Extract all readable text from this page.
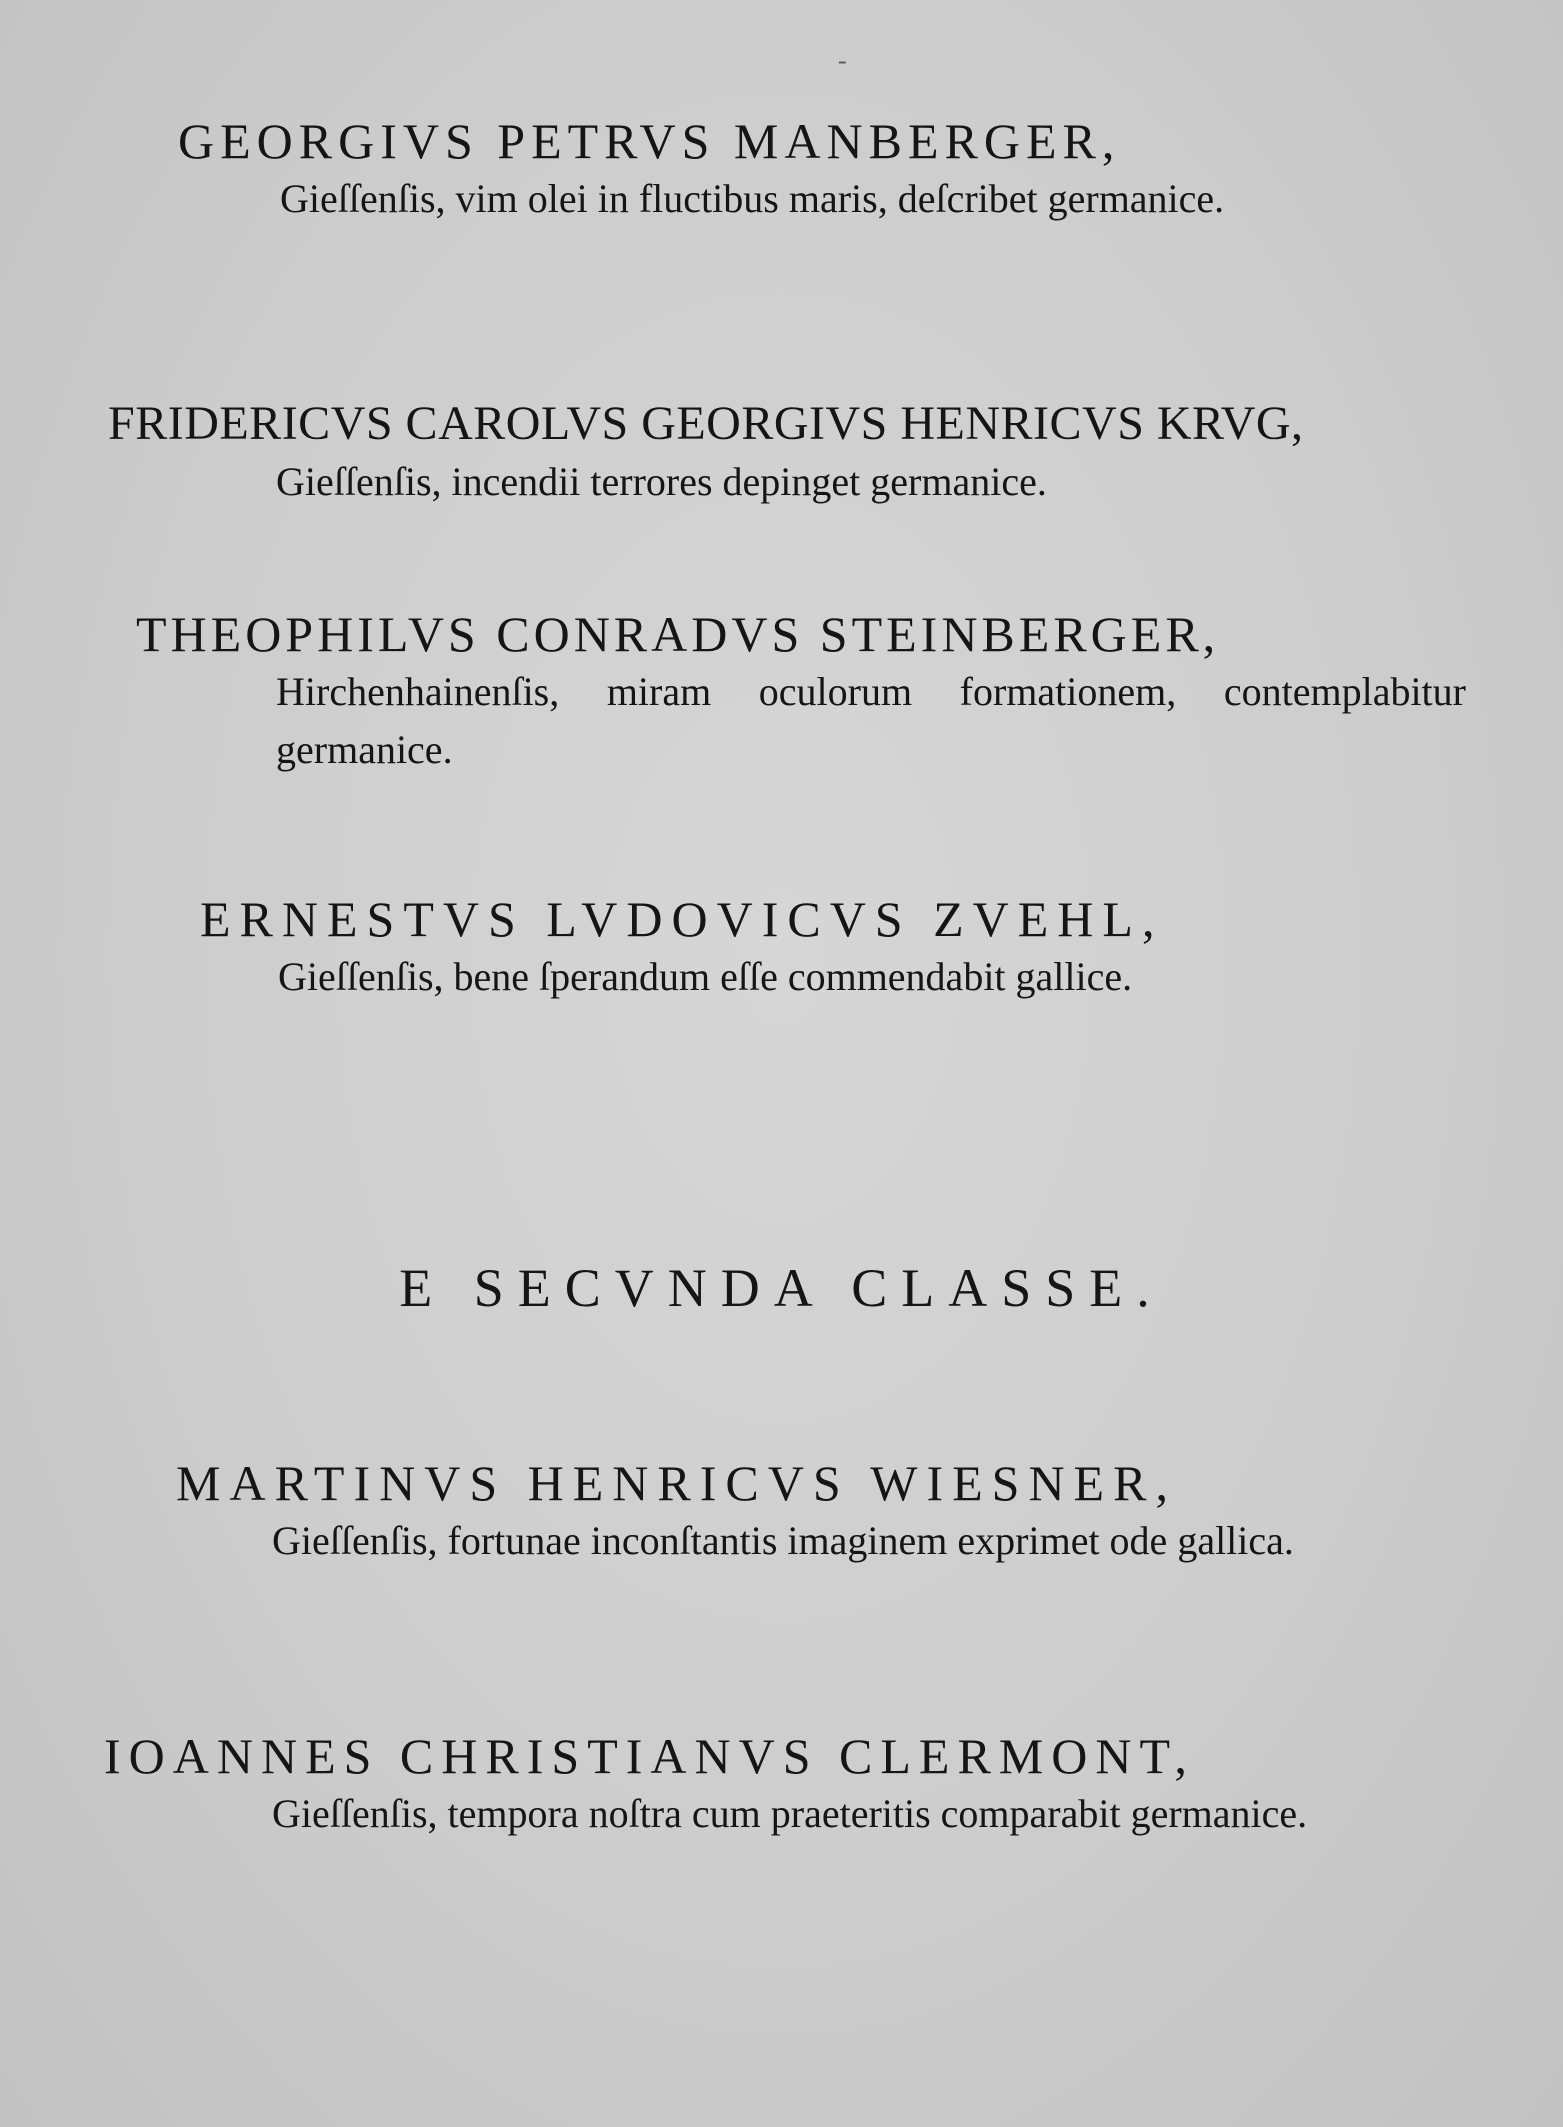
-
GEORGIVS PETRVS MANBERGER,
Gieſſenſis, vim olei in fluctibus maris, deſcribet germanice.
FRIDERICVS CAROLVS GEORGIVS HENRICVS KRVG,
Gieſſenſis, incendii terrores depinget germanice.
THEOPHILVS CONRADVS STEINBERGER,
Hirchenhainenſis, miram oculorum formationem, contemplabitur germanice.
ERNESTVS LVDOVICVS ZVEHL,
Gieſſenſis, bene ſperandum eſſe commendabit gallice.
E SECVNDA CLASSE.
MARTINVS HENRICVS WIESNER,
Gieſſenſis, fortunae inconſtantis imaginem exprimet ode gallica.
IOANNES CHRISTIANVS CLERMONT,
Gieſſenſis, tempora noſtra cum praeteritis comparabit germanice.
